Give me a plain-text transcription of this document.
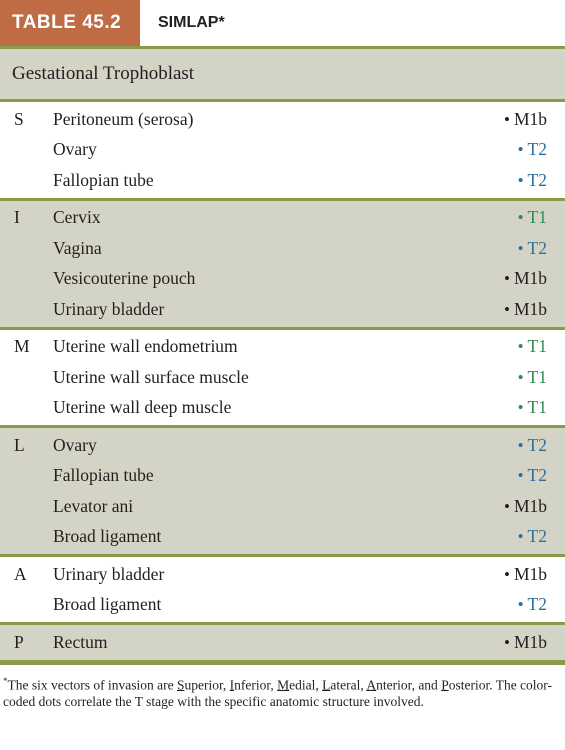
TABLE 45.2	SIMLAP*
Gestational Trophoblast
S	Peritoneum (serosa)	• M1b
Ovary	• T2
Fallopian tube	• T2
I	Cervix	• T1
Vagina	• T2
Vesicouterine pouch	• M1b
Urinary bladder	• M1b
M	Uterine wall endometrium	• T1
Uterine wall surface muscle	• T1
Uterine wall deep muscle	• T1
L	Ovary	• T2
Fallopian tube	• T2
Levator ani	• M1b
Broad ligament	• T2
A	Urinary bladder	• M1b
Broad ligament	• T2
P	Rectum	• M1b
*The six vectors of invasion are Superior, Inferior, Medial, Lateral, Anterior, and Posterior. The color-coded dots correlate the T stage with the specific anatomic structure involved.
